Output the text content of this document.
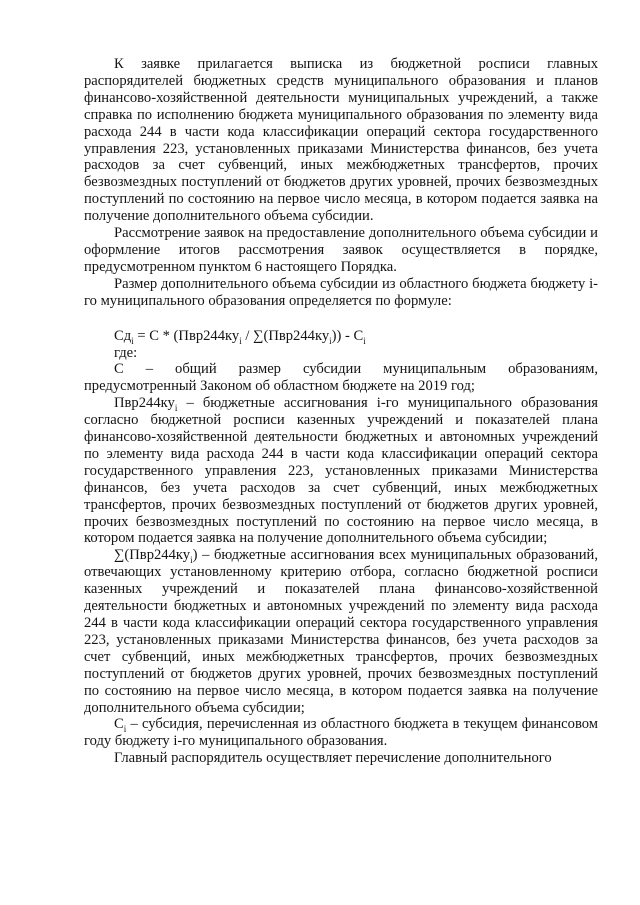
К заявке прилагается выписка из бюджетной росписи главных распорядителей бюджетных средств муниципального образования и планов финансово-хозяйственной деятельности муниципальных учреждений, а также справка по исполнению бюджета муниципального образования по элементу вида расхода 244 в части кода классификации операций сектора государственного управления 223, установленных приказами Министерства финансов, без учета расходов за счет субвенций, иных межбюджетных трансфертов, прочих безвозмездных поступлений от бюджетов других уровней, прочих безвозмездных поступлений по состоянию на первое число месяца, в котором подается заявка на получение дополнительного объема субсидии.

Рассмотрение заявок на предоставление дополнительного объема субсидии и оформление итогов рассмотрения заявок осуществляется в порядке, предусмотренном пунктом 6 настоящего Порядка.

Размер дополнительного объема субсидии из областного бюджета бюджету i-го муниципального образования определяется по формуле:

$Сд_i = С * (Пвр244ку_i / \sum(Пвр244ку_i)) - С_i$

где:

С – общий размер субсидии муниципальным образованиям, предусмотренный Законом об областном бюджете на 2019 год;

$Пвр244ку_i$ – бюджетные ассигнования i-го муниципального образования согласно бюджетной росписи казенных учреждений и показателей плана финансово-хозяйственной деятельности бюджетных и автономных учреждений по элементу вида расхода 244 в части кода классификации операций сектора государственного управления 223, установленных приказами Министерства финансов, без учета расходов за счет субвенций, иных межбюджетных трансфертов, прочих безвозмездных поступлений от бюджетов других уровней, прочих безвозмездных поступлений по состоянию на первое число месяца, в котором подается заявка на получение дополнительного объема субсидии;

$\sum(Пвр244ку_i)$ – бюджетные ассигнования всех муниципальных образований, отвечающих установленному критерию отбора, согласно бюджетной росписи казенных учреждений и показателей плана финансово-хозяйственной деятельности бюджетных и автономных учреждений по элементу вида расхода 244 в части кода классификации операций сектора государственного управления 223, установленных приказами Министерства финансов, без учета расходов за счет субвенций, иных межбюджетных трансфертов, прочих безвозмездных поступлений от бюджетов других уровней, прочих безвозмездных поступлений по состоянию на первое число месяца, в котором подается заявка на получение дополнительного объема субсидии;

$С_i$ – субсидия, перечисленная из областного бюджета в текущем финансовом году бюджету i-го муниципального образования.

Главный распорядитель осуществляет перечисление дополнительного
